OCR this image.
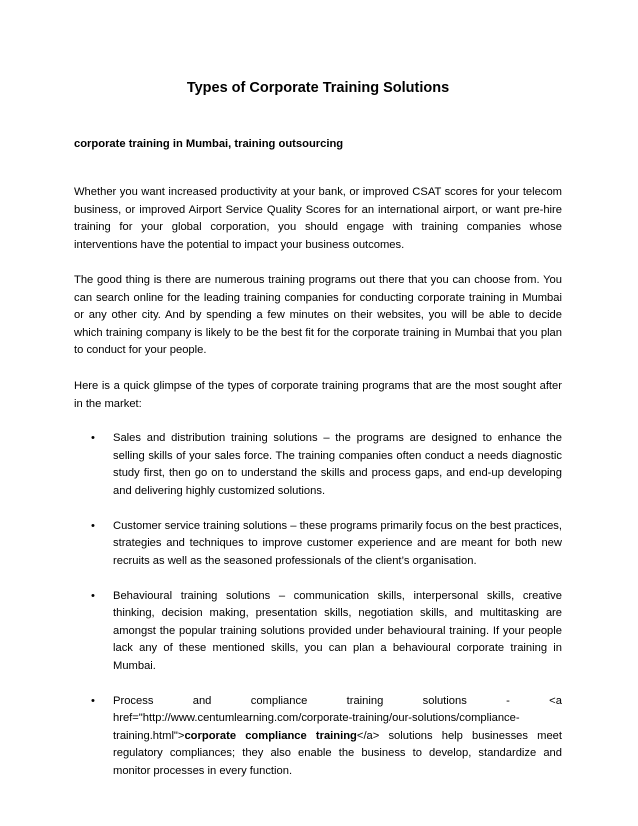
Types of Corporate Training Solutions
corporate training in Mumbai, training outsourcing

Whether you want increased productivity at your bank, or improved CSAT scores for your telecom business, or improved Airport Service Quality Scores for an international airport, or want pre-hire training for your global corporation, you should engage with training companies whose interventions have the potential to impact your business outcomes.

The good thing is there are numerous training programs out there that you can choose from. You can search online for the leading training companies for conducting corporate training in Mumbai or any other city. And by spending a few minutes on their websites, you will be able to decide which training company is likely to be the best fit for the corporate training in Mumbai that you plan to conduct for your people.

Here is a quick glimpse of the types of corporate training programs that are the most sought after in the market:

• Sales and distribution training solutions – the programs are designed to enhance the selling skills of your sales force. The training companies often conduct a needs diagnostic study first, then go on to understand the skills and process gaps, and end-up developing and delivering highly customized solutions.
• Customer service training solutions – these programs primarily focus on the best practices, strategies and techniques to improve customer experience and are meant for both new recruits as well as the seasoned professionals of the client’s organisation.
• Behavioural training solutions – communication skills, interpersonal skills, creative thinking, decision making, presentation skills, negotiation skills, and multitasking are amongst the popular training solutions provided under behavioural training. If your people lack any of these mentioned skills, you can plan a behavioural corporate training in Mumbai.
• Process	and	compliance	training	solutions	-	<a
href="http://www.centumlearning.com/corporate-training/our-solutions/compliance-
training.html">corporate compliance training</a> solutions help businesses meet regulatory compliances; they also enable the business to develop, standardize and monitor processes in every function.
